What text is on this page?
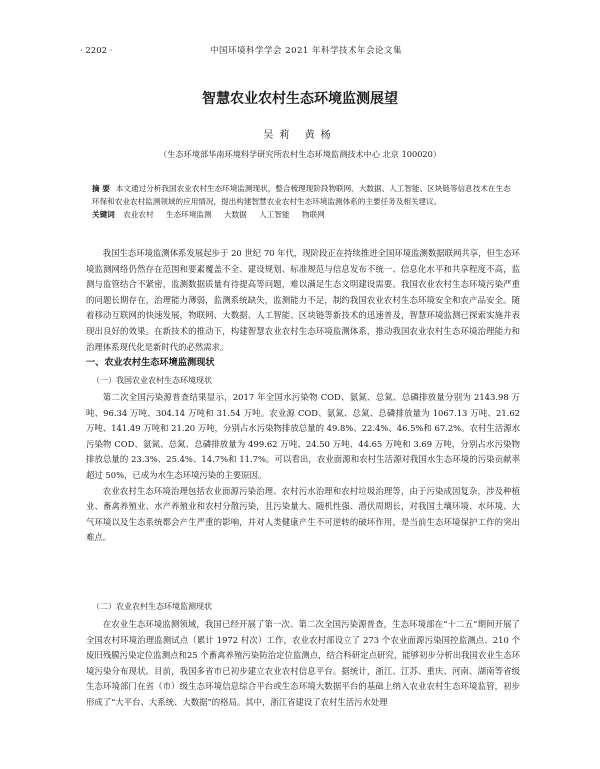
· 2202 ·	中国环境科学学会 2021 年科学技术年会论文集
智慧农业农村生态环境监测展望
吴莉 黄杨
（生态环境部华南环境科学研究所农村生态环境监测技术中心 北京 100020）
摘 要 本文通过分析我国农业农村生态环境监测现状，整合梳理现阶段物联网、大数据、人工智能、区块链等信息技术在生态环保和农业农村监测领域的应用情况，提出构建智慧农业农村生态环境监测体系的主要任务及相关建议。
关键词 农业农村 生态环境监测 大数据 人工智能 物联网

我国生态环境监测体系发展起步于 20 世纪 70 年代，现阶段正在持续推进全国环境监测数据联网共享，但生态环境监测网络仍然存在范围和要素覆盖不全、建设规划、标准规范与信息发布不统一、信息化水平和共享程度不高，监测与监管结合不紧密，监测数据质量有待提高等问题，难以满足生态文明建设需要。我国农业农村生态环境污染严重的问题长期存在，治理能力薄弱，监测系统缺失，监测能力不足，制约我国农业农村生态环境安全和农产品安全。随着移动互联网的快速发展，物联网、大数据、人工智能、区块链等新技术的迅速普及，智慧环境监测已探索实施并表现出良好的效果。在新技术的推动下，构建智慧农业农村生态环境监测体系，推动我国农业农村生态环境治理能力和治理体系现代化是新时代的必然需求。

一、农业农村生态环境监测现状
（一）我国农业农村生态环境现状

第二次全国污染源普查结果显示，2017 年全国水污染物 COD、氨氮、总氮、总磷排放量分别为 2143.98 万吨、96.34 万吨、304.14 万吨和 31.54 万吨。农业源 COD、氨氮、总氮、总磷排放量为 1067.13 万吨、21.62 万吨、141.49 万吨和 21.20 万吨，分别占水污染物排放总量的 49.8%、22.4%、46.5%和 67.2%。农村生活源水污染物 COD、氨氮、总氮、总磷排放量为 499.62 万吨、24.50 万吨、44.65 万吨和 3.69 万吨，分别占水污染物排放总量的 23.3%、25.4%、14.7%和 11.7%。可以看出，农业面源和农村生活源对我国水生态环境的污染贡献率超过 50%，已成为水生态环境污染的主要原因。

农业农村生态环境治理包括农业面源污染治理、农村污水治理和农村垃圾治理等，由于污染成因复杂，涉及种植业、畜禽养殖业、水产养殖业和农村分散污染，且污染量大、随机性强、潜伏周期长，对我国土壤环境、水环境、大气环境以及生态系统都会产生严重的影响，并对人类健康产生不可逆转的破坏作用，是当前生态环境保护工作的突出难点。

（二）农业农村生态环境监测现状

在农业生态环境监测领域，我国已经开展了第一次、第二次全国污染源普查，生态环境部在“十二五”期间开展了全国农村环境治理监测试点（累计 1972 村次）工作，农业农村部设立了 273 个农业面源污染国控监测点、210 个废旧残膜污染定位监测点和25 个畜禽养殖污染防治定位监测点，结合科研定点研究，能够初步分析出我国农业生态环境污染分布现状。目前，我国多省市已初步建立农业农村信息平台。据统计，浙江、江苏、重庆、河南、湖南等省级生态环境部门在省（市）级生态环境信息综合平台或生态环境大数据平台的基础上纳入农业农村生态环境监管，初步形成了“大平台、大系统、大数据”的格局。其中，浙江省建设了农村生活污水处理
